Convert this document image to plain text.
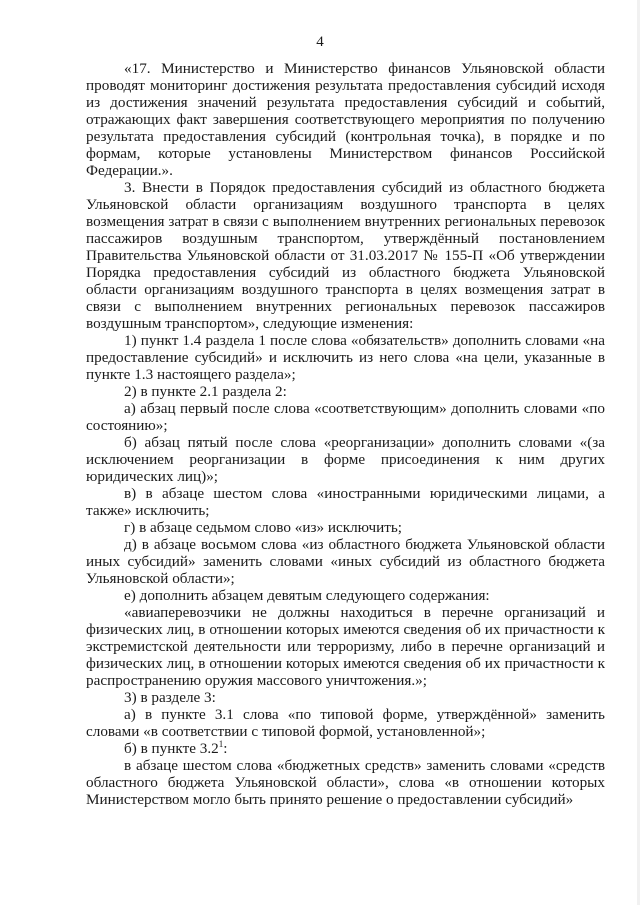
4

«17. Министерство и Министерство финансов Ульяновской области проводят мониторинг достижения результата предоставления субсидий исходя из достижения значений результата предоставления субсидий и событий, отражающих факт завершения соответствующего мероприятия по получению результата предоставления субсидий (контрольная точка), в порядке и по формам, которые установлены Министерством финансов Российской Федерации.».

3. Внести в Порядок предоставления субсидий из областного бюджета Ульяновской области организациям воздушного транспорта в целях возмещения затрат в связи с выполнением внутренних региональных перевозок пассажиров воздушным транспортом, утверждённый постановлением Правительства Ульяновской области от 31.03.2017 № 155-П «Об утверждении Порядка предоставления субсидий из областного бюджета Ульяновской области организациям воздушного транспорта в целях возмещения затрат в связи с выполнением внутренних региональных перевозок пассажиров воздушным транспортом», следующие изменения:

1) пункт 1.4 раздела 1 после слова «обязательств» дополнить словами «на предоставление субсидий» и исключить из него слова «на цели, указанные в пункте 1.3 настоящего раздела»;

2) в пункте 2.1 раздела 2:

а) абзац первый после слова «соответствующим» дополнить словами «по состоянию»;

б) абзац пятый после слова «реорганизации» дополнить словами «(за исключением реорганизации в форме присоединения к ним других юридических лиц)»;

в) в абзаце шестом слова «иностранными юридическими лицами, а также» исключить;

г) в абзаце седьмом слово «из» исключить;

д) в абзаце восьмом слова «из областного бюджета Ульяновской области иных субсидий» заменить словами «иных субсидий из областного бюджета Ульяновской области»;

е) дополнить абзацем девятым следующего содержания:

«авиаперевозчики не должны находиться в перечне организаций и физических лиц, в отношении которых имеются сведения об их причастности к экстремистской деятельности или терроризму, либо в перечне организаций и физических лиц, в отношении которых имеются сведения об их причастности к распространению оружия массового уничтожения.»;

3) в разделе 3:

а) в пункте 3.1 слова «по типовой форме, утверждённой» заменить словами «в соответствии с типовой формой, установленной»;

б) в пункте $3.2^1$:

в абзаце шестом слова «бюджетных средств» заменить словами «средств областного бюджета Ульяновской области», слова «в отношении которых Министерством могло быть принято решение о предоставлении субсидий»
